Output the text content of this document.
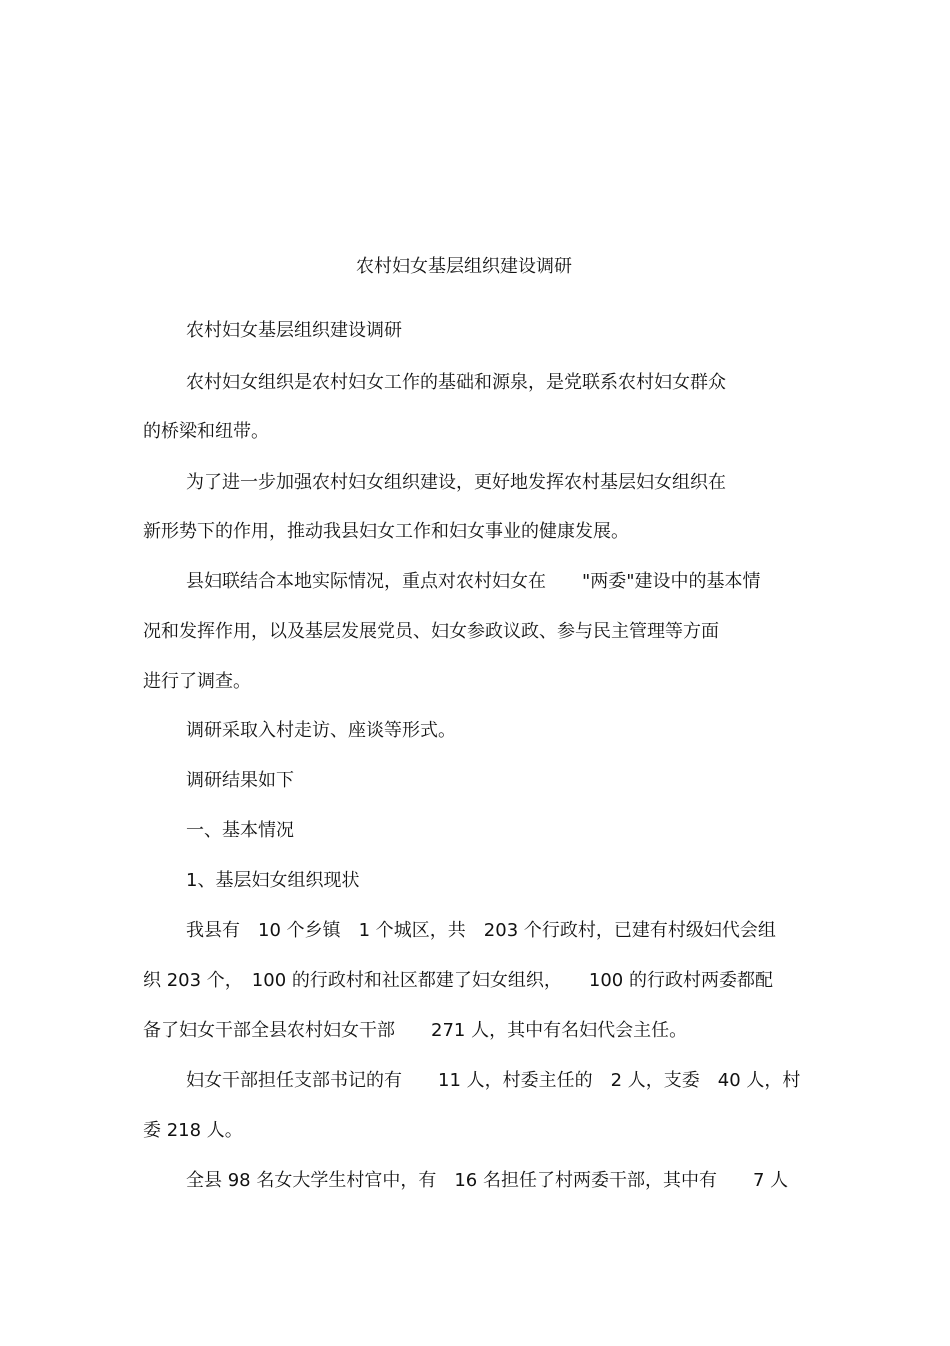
农村妇女基层组织建设调研
农村妇女基层组织建设调研
农村妇女组织是农村妇女工作的基础和源泉，是党联系农村妇女群众
的桥梁和纽带。
为了进一步加强农村妇女组织建设，更好地发挥农村基层妇女组织在
新形势下的作用，推动我县妇女工作和妇女事业的健康发展。
县妇联结合本地实际情况，重点对农村妇女在　　"两委"建设中的基本情
况和发挥作用，以及基层发展党员、妇女参政议政、参与民主管理等方面
进行了调查。
调研采取入村走访、座谈等形式。
调研结果如下
一、基本情况
1、基层妇女组织现状
我县有　10 个乡镇　1 个城区，共　203 个行政村，已建有村级妇代会组
织 203 个，　100 的行政村和社区都建了妇女组织，　　100 的行政村两委都配
备了妇女干部全县农村妇女干部　　271 人，其中有名妇代会主任。
妇女干部担任支部书记的有　　11 人，村委主任的　2 人，支委　40 人，村
委 218 人。
全县 98 名女大学生村官中，有　16 名担任了村两委干部，其中有　　7 人
